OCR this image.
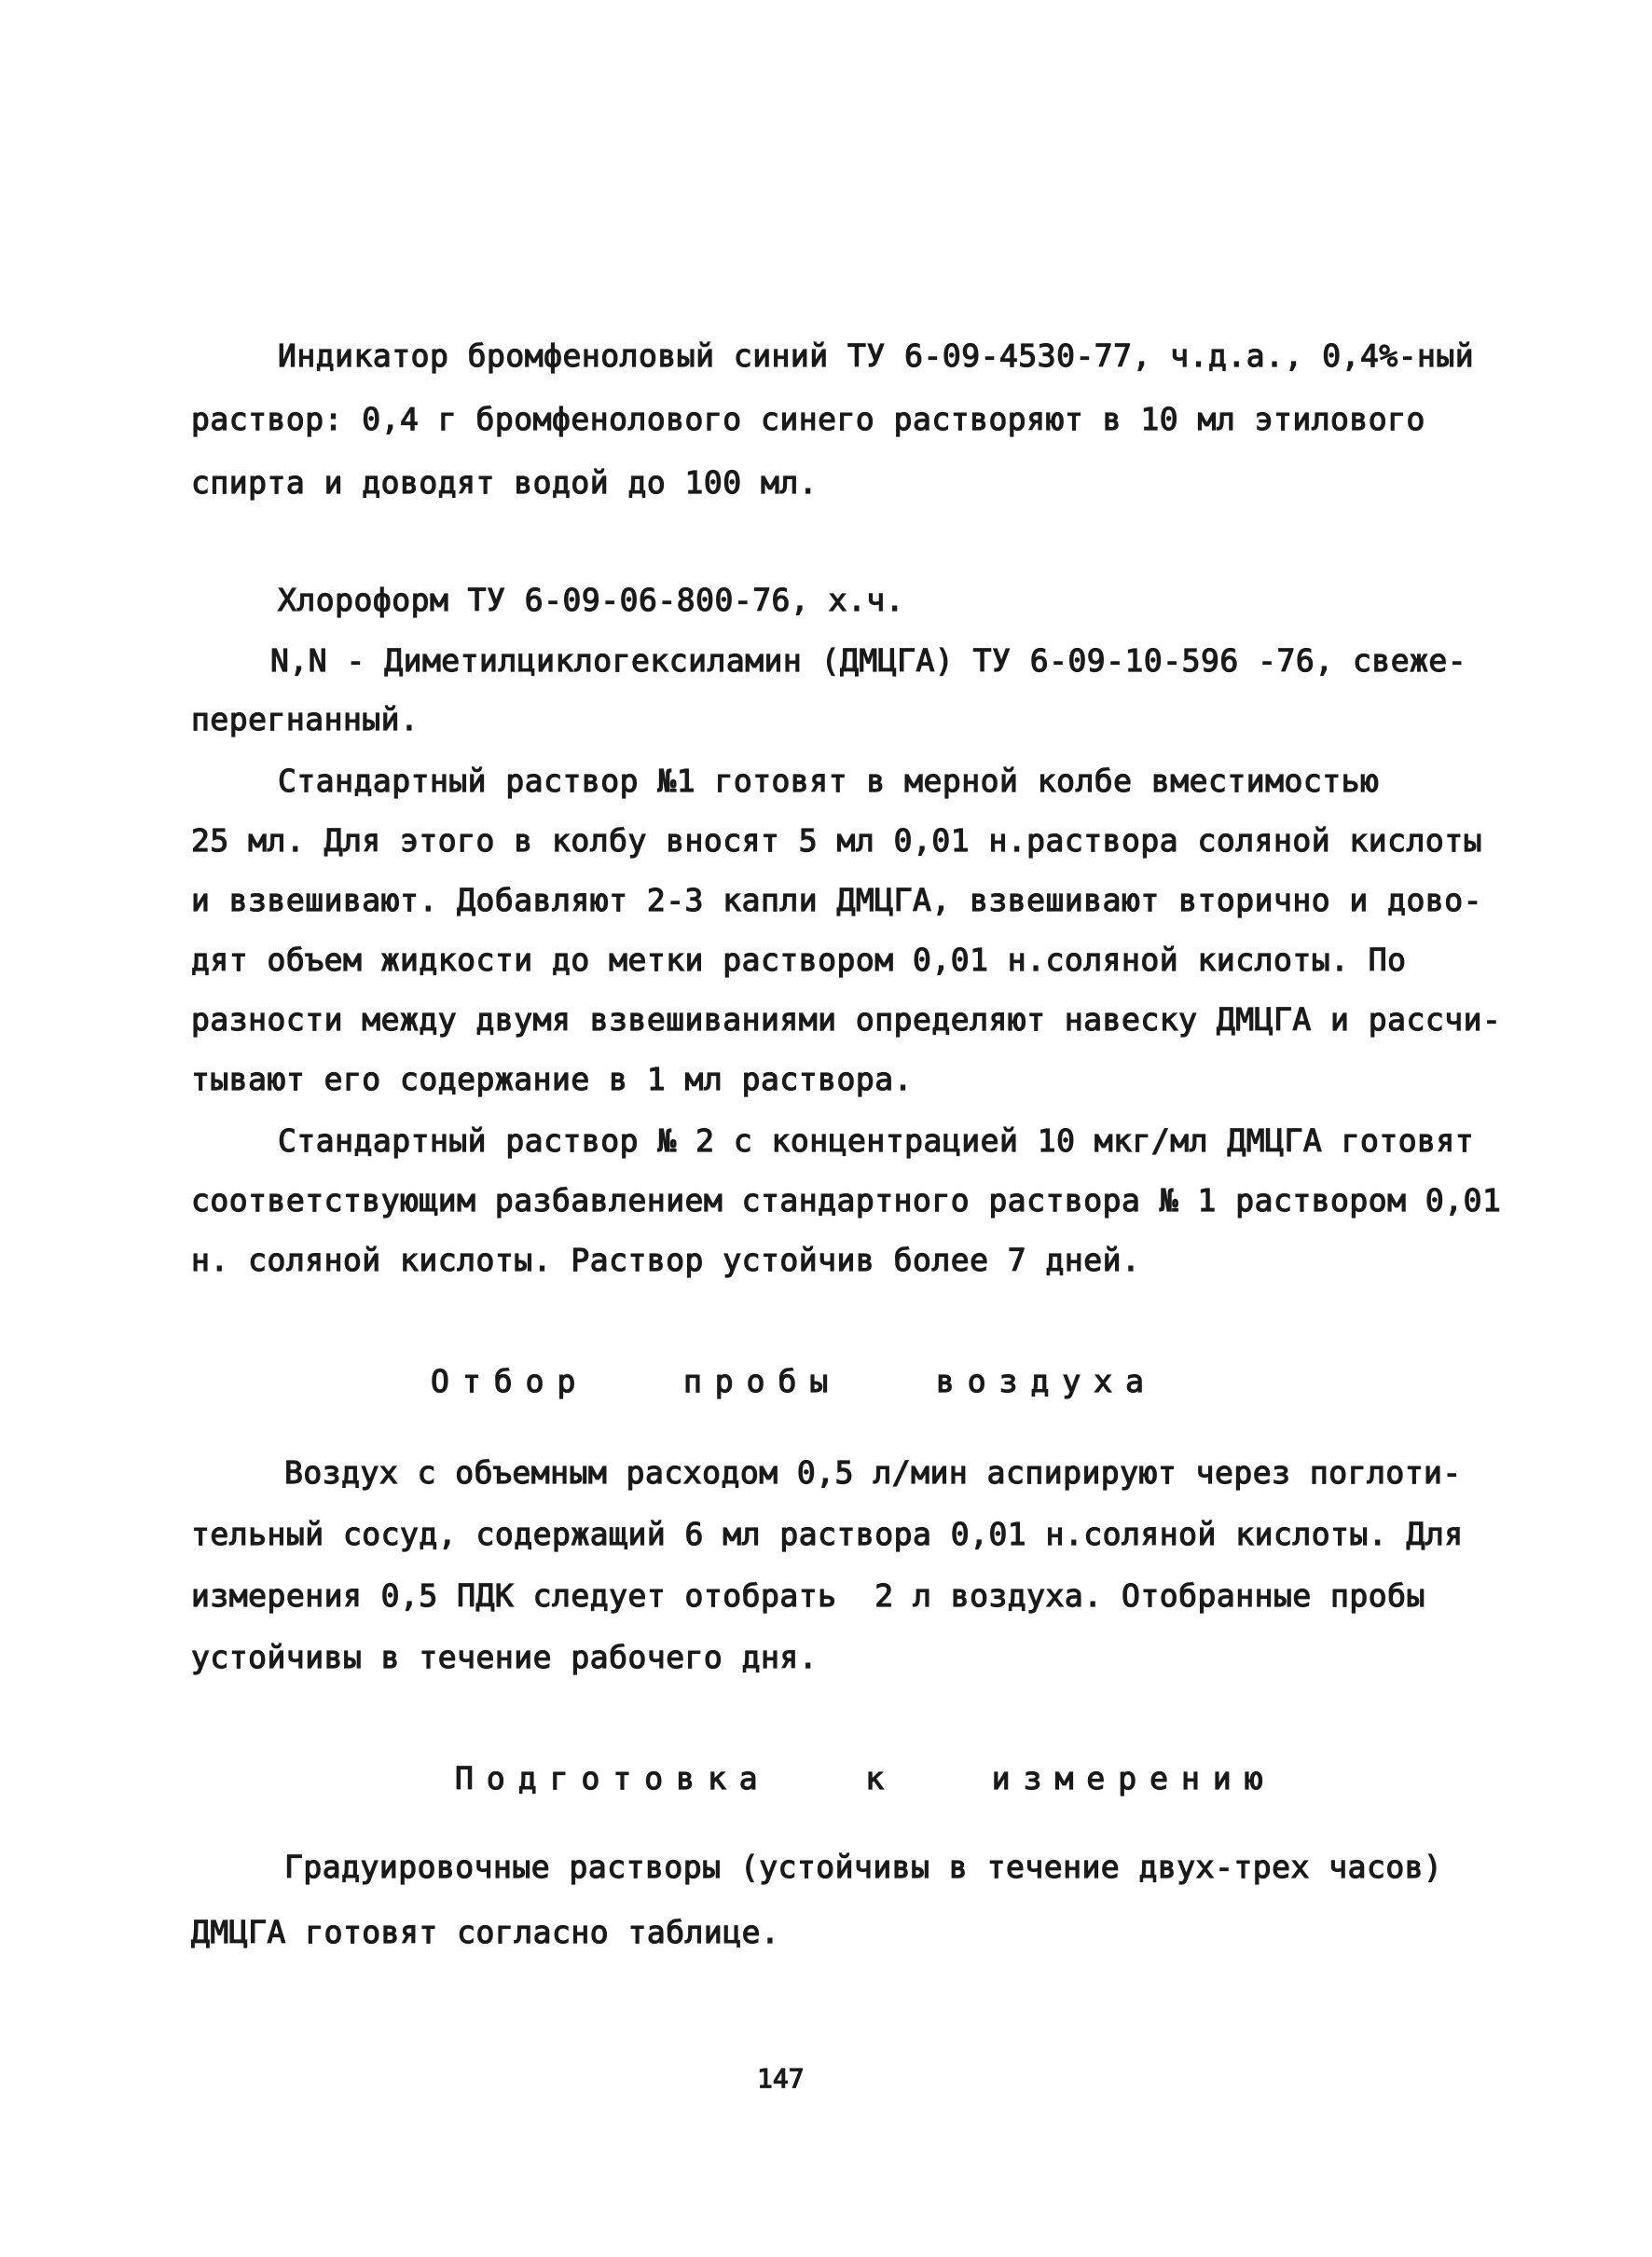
Индикатор бромфеноловый синий ТУ 6-09-4530-77, ч.д.а., 0,4%-ный
раствор: 0,4 г бромфенолового синего растворяют в 10 мл этилового
спирта и доводят водой до 100 мл.
Хлороформ ТУ 6-09-06-800-76, х.ч.
N,N - Диметилциклогексиламин (ДМЦГА) ТУ 6-09-10-596 -76, свеже-
перегнанный.
Стандартный раствор №1 готовят в мерной колбе вместимостью
25 мл. Для этого в колбу вносят 5 мл 0,01 н.раствора соляной кислоты
и взвешивают. Добавляют 2-3 капли ДМЦГА, взвешивают вторично и дово-
дят объем жидкости до метки раствором 0,01 н.соляной кислоты. По
разности между двумя взвешиваниями определяют навеску ДМЦГА и рассчи-
тывают его содержание в 1 мл раствора.
Стандартный раствор № 2 с концентрацией 10 мкг/мл ДМЦГА готовят
соответствующим разбавлением стандартного раствора № 1 раствором 0,01
н. соляной кислоты. Раствор устойчив более 7 дней.
Отбор   пробы   воздуха
Воздух с объемным расходом 0,5 л/мин аспирируют через поглоти-
тельный сосуд, содержащий 6 мл раствора 0,01 н.соляной кислоты. Для
измерения 0,5 ПДК следует отобрать  2 л воздуха. Отобранные пробы
устойчивы в течение рабочего дня.
Подготовка   к   измерению
Градуировочные растворы (устойчивы в течение двух-трех часов)
ДМЦГА готовят согласно таблице.
147
